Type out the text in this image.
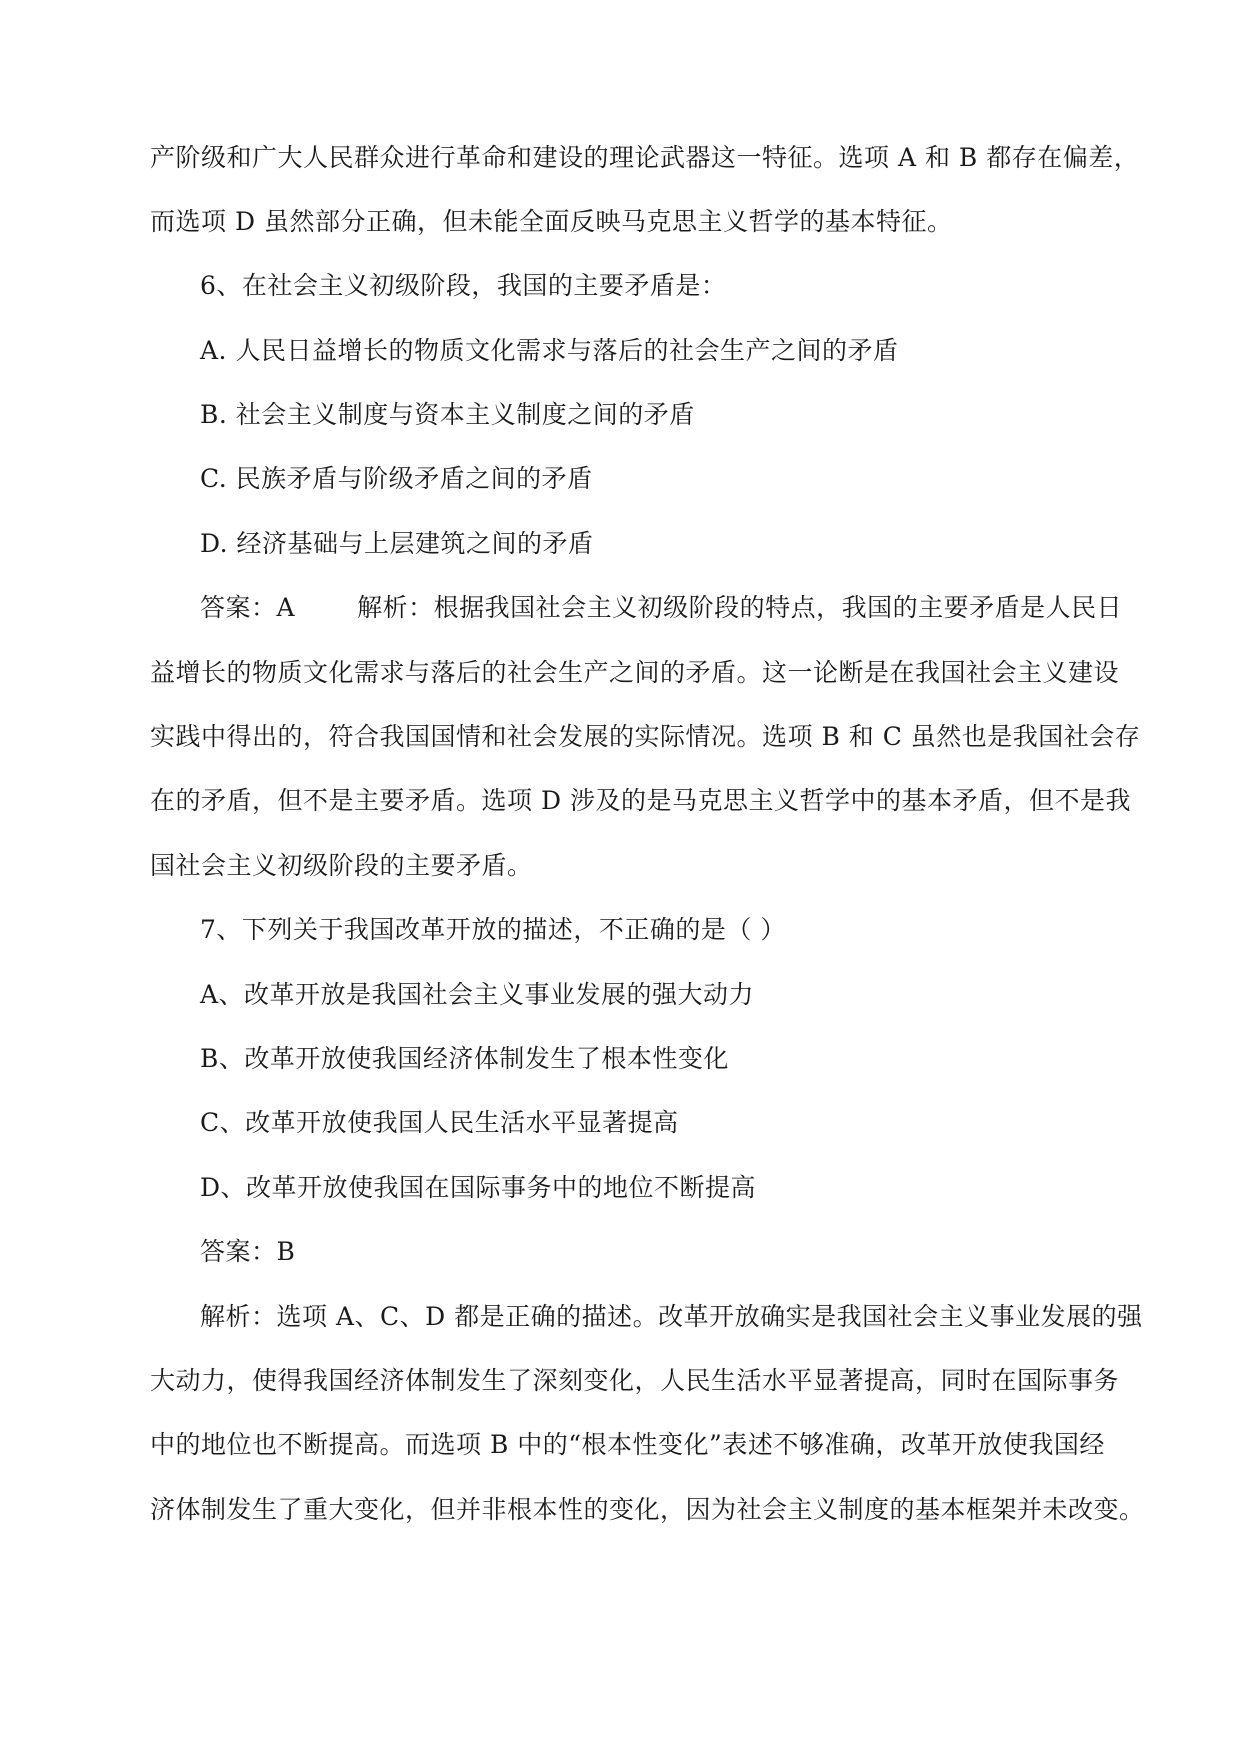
产阶级和广大人民群众进行革命和建设的理论武器这一特征。选项 A 和 B 都存在偏差，
而选项 D 虽然部分正确，但未能全面反映马克思主义哲学的基本特征。
6、在社会主义初级阶段，我国的主要矛盾是：
A. 人民日益增长的物质文化需求与落后的社会生产之间的矛盾
B. 社会主义制度与资本主义制度之间的矛盾
C. 民族矛盾与阶级矛盾之间的矛盾
D. 经济基础与上层建筑之间的矛盾
答案：A 解析：根据我国社会主义初级阶段的特点，我国的主要矛盾是人民日
益增长的物质文化需求与落后的社会生产之间的矛盾。这一论断是在我国社会主义建设
实践中得出的，符合我国国情和社会发展的实际情况。选项 B 和 C 虽然也是我国社会存
在的矛盾，但不是主要矛盾。选项 D 涉及的是马克思主义哲学中的基本矛盾，但不是我
国社会主义初级阶段的主要矛盾。
7、下列关于我国改革开放的描述，不正确的是（ ）
A、改革开放是我国社会主义事业发展的强大动力
B、改革开放使我国经济体制发生了根本性变化
C、改革开放使我国人民生活水平显著提高
D、改革开放使我国在国际事务中的地位不断提高
答案：B
解析：选项 A、C、D 都是正确的描述。改革开放确实是我国社会主义事业发展的强
大动力，使得我国经济体制发生了深刻变化，人民生活水平显著提高，同时在国际事务
中的地位也不断提高。而选项 B 中的“根本性变化”表述不够准确，改革开放使我国经
济体制发生了重大变化，但并非根本性的变化，因为社会主义制度的基本框架并未改变。
